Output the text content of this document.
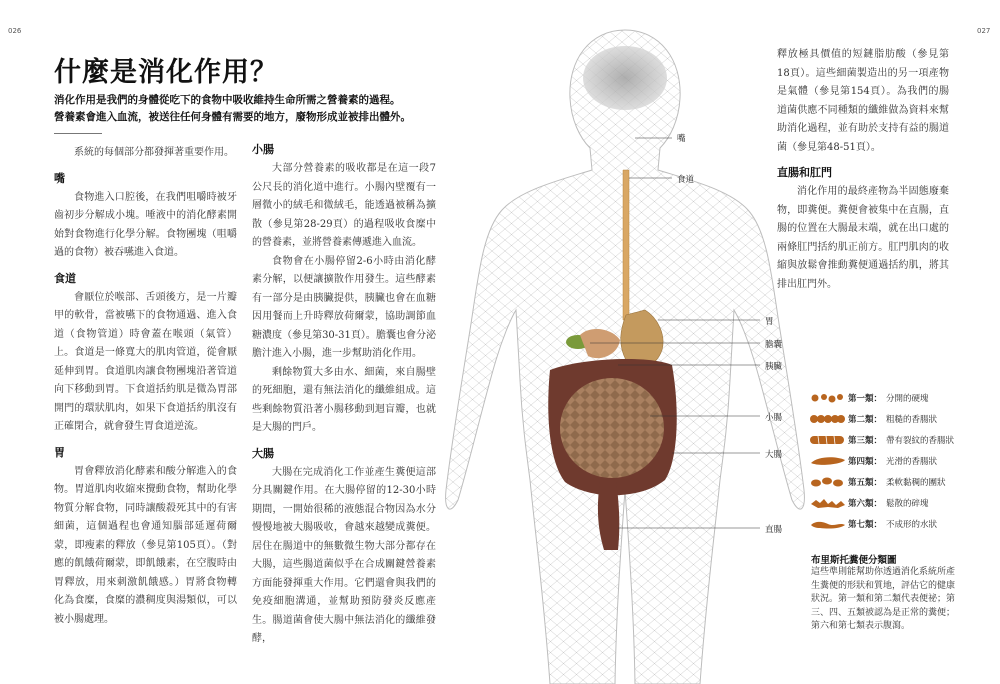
026	027
什麼是消化作用？
消化作用是我們的身體從吃下的食物中吸收維持生命所需之營養素的過程。
營養素會進入血流，被送往任何身體有需要的地方，廢物形成並被排出體外。

系統的每個部分都發揮著重要作用。

嘴

食物進入口腔後，在我們咀嚼時被牙齒初步分解成小塊。唾液中的消化酵素開始對食物進行化學分解。食物團塊（咀嚼過的食物）被吞嚥進入食道。

食道

會厭位於喉部、舌頭後方，是一片瓣甲的軟骨，當被嚥下的食物通過、進入食道（食物管道）時會蓋在喉頭（氣管）上。食道是一條寬大的肌肉管道，從會厭延伸到胃。食道肌肉讓食物團塊沿著管道向下移動到胃。下食道括約肌是微為胃部開門的環狀肌肉，如果下食道括約肌沒有正確閉合，就會發生胃食道逆流。

胃

胃會釋放消化酵素和酸分解進入的食物。胃道肌肉收縮來攪動食物，幫助化學物質分解食物，同時讓酸殺死其中的有害細菌，這個過程也會通知腦部延遲荷爾蒙，即瘦素的釋放（參見第105頁）。（對應的飢餓荷爾蒙，即飢餓素，在空腹時由胃釋放，用來刺激飢餓感。）胃將食物轉化為食糜，食糜的濃稠度與湯類似，可以被小腸處理。

小腸

大部分營養素的吸收都是在這一段7公尺長的消化道中進行。小腸內壁覆有一層微小的絨毛和微絨毛，能透過被稱為擴散（參見第28-29頁）的過程吸收食糜中的營養素，並將營養素傳遞進入血流。

食物會在小腸停留2-6小時由消化酵素分解，以便讓擴散作用發生。這些酵素有一部分是由胰臟提供，胰臟也會在血糖因用餐而上升時釋放荷爾蒙，協助調節血糖濃度（參見第30-31頁）。膽囊也會分泌膽汁進入小腸，進一步幫助消化作用。

剩餘物質大多由水、細菌，來自腸壁的死細胞，還有無法消化的纖維組成。這些剩餘物質沿著小腸移動到迴盲瓣，也就是大腸的門戶。

大腸

大腸在完成消化工作並產生糞便這部分具關鍵作用。在大腸停留的12-30小時期間，一開始很稀的液態混合物因為水分慢慢地被大腸吸收，會越來越變成糞便。居住在腸道中的無數微生物大部分都存在大腸，這些腸道菌似乎在合成關鍵營養素方面能發揮重大作用。它們還會與我們的免疫細胞溝通，並幫助預防發炎反應產生。腸道菌會使大腸中無法消化的纖維發酵，

嘴
食道
胃
膽囊
胰臟
小腸
大腸
直腸

釋放極具價值的短鏈脂肪酸（參見第18頁）。這些細菌製造出的另一項產物是氣體（參見第154頁）。為我們的腸道菌供應不同種類的纖維做為資料來幫助消化過程，並有助於支持有益的腸道菌（參見第48-51頁）。

直腸和肛門

消化作用的最終產物為半固態廢棄物，即糞便。糞便會被集中在直腸，直腸的位置在大腸最末端，就在出口處的兩條肛門括約肌正前方。肛門肌肉的收縮與放鬆會推動糞便通過括約肌，將其排出肛門外。

第一類： 分開的硬塊
第二類： 粗糙的香腸狀
第三類： 帶有裂紋的香腸狀
第四類： 光滑的香腸狀
第五類： 柔軟黏稠的團狀
第六類： 鬆散的碎塊
第七類： 不成形的水狀
布里斯托糞便分類圖
這些準則能幫助你透過消化系統所產生糞便的形狀和質地，評估它的健康狀況。第一類和第二類代表便祕；第三、四、五類被認為是正常的糞便；第六和第七類表示腹瀉。
